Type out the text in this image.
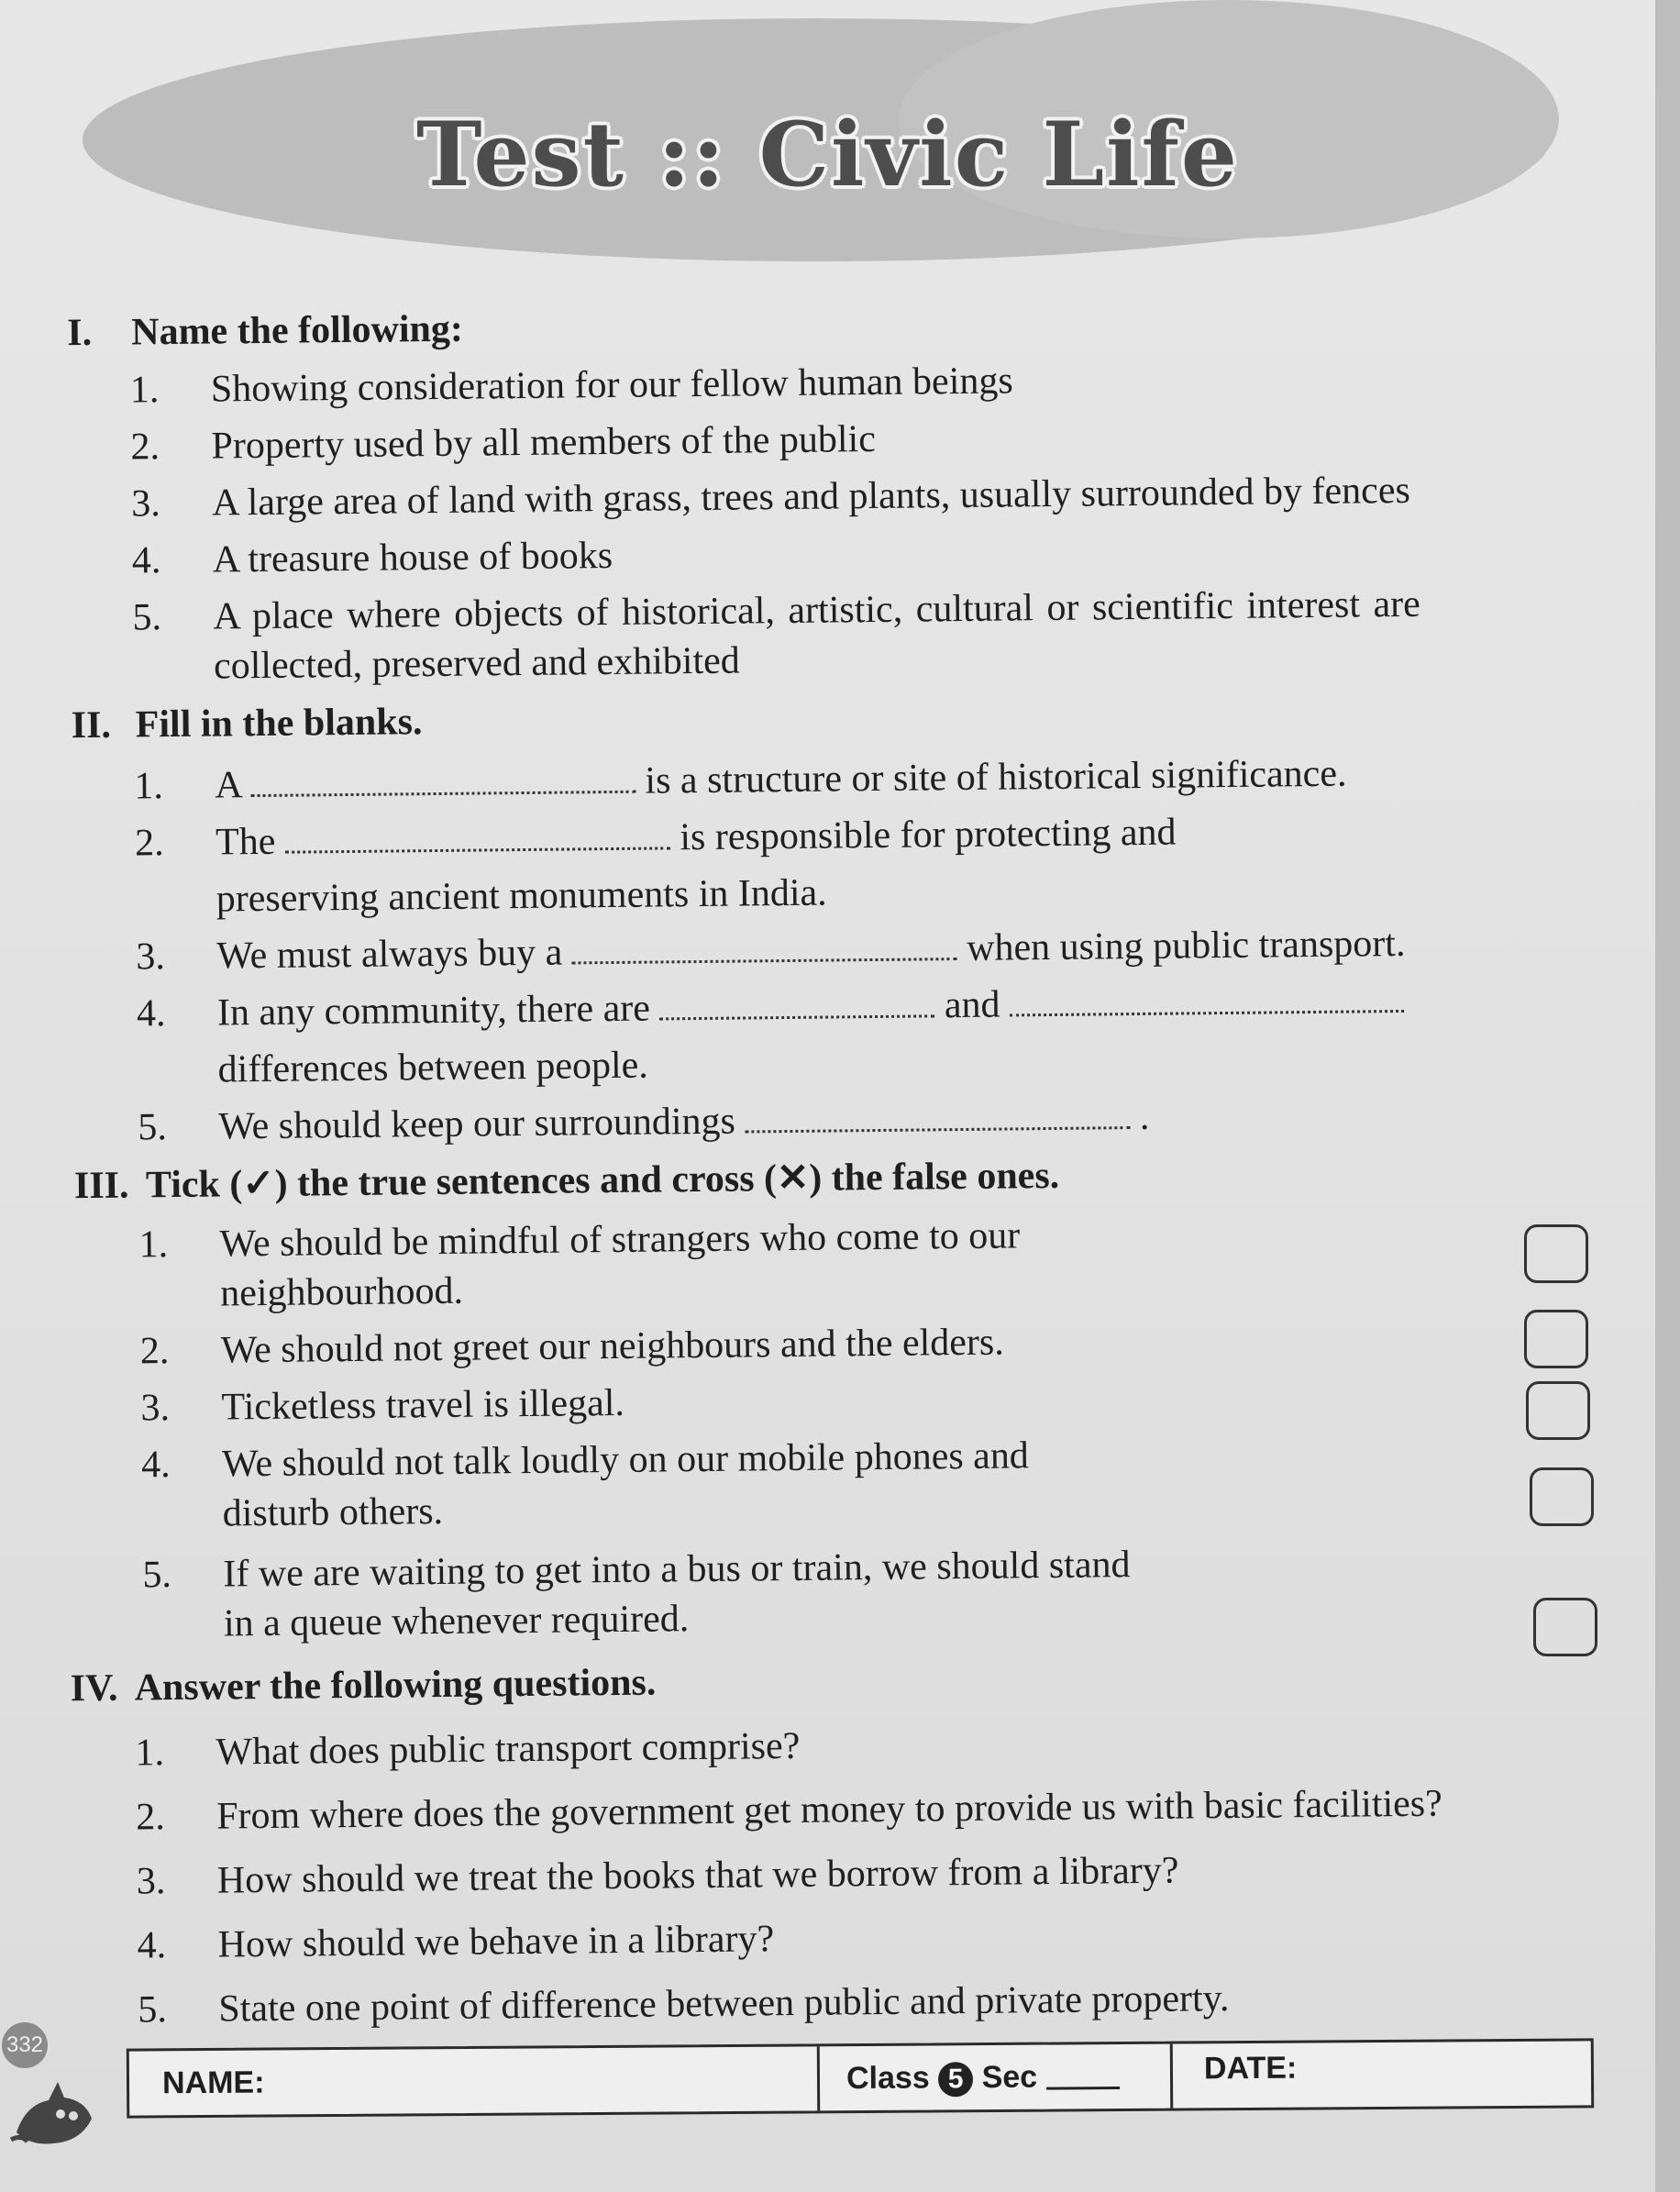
Test :: Civic Life
I. Name the following:
1. Showing consideration for our fellow human beings
2. Property used by all members of the public
3. A large area of land with grass, trees and plants, usually surrounded by fences
4. A treasure house of books
5. A place where objects of historical, artistic, cultural or scientific interest are
collected, preserved and exhibited
II. Fill in the blanks.
1. A	is a structure or site of historical significance.
2. The	is responsible for protecting and
preserving ancient monuments in India.
3. We must always buy a	when using public transport.
4. In any community, there are	and
differences between people.
5. We should keep our surroundings	.
III. Tick (✓) the true sentences and cross (✕) the false ones.
1. We should be mindful of strangers who come to our
neighbourhood.
2. We should not greet our neighbours and the elders.
3. Ticketless travel is illegal.
4. We should not talk loudly on our mobile phones and
disturb others.
5. If we are waiting to get into a bus or train, we should stand
in a queue whenever required.
IV. Answer the following questions.
1. What does public transport comprise?
2. From where does the government get money to provide us with basic facilities?
3. How should we treat the books that we borrow from a library?
4. How should we behave in a library?
5. State one point of difference between public and private property.
NAME:	Class 5 Sec	DATE:
332
